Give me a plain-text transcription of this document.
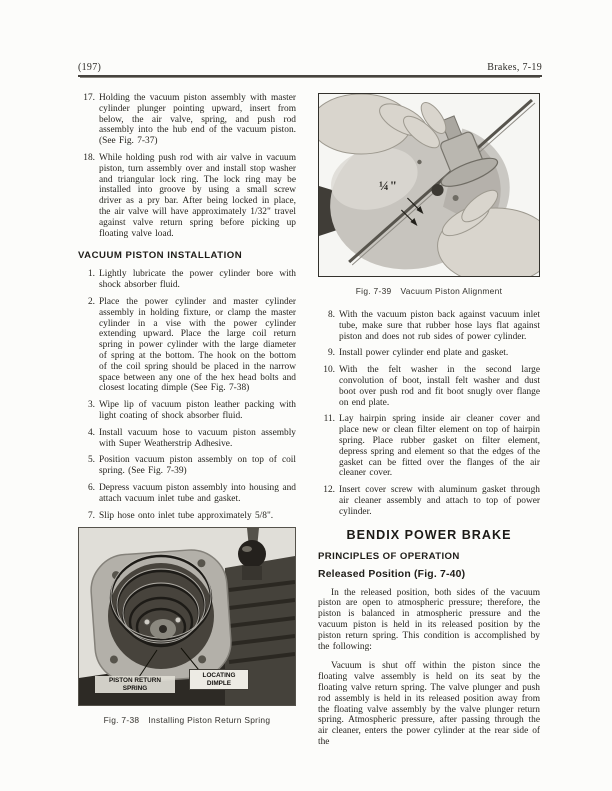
(197)	Brakes, 7-19
17. Holding the vacuum piston assembly with master cylinder plunger pointing upward, insert from below, the air valve, spring, and push rod assembly into the hub end of the vacuum piston. (See Fig. 7-37)
18. While holding push rod with air valve in vacuum piston, turn assembly over and install stop washer and triangular lock ring. The lock ring may be installed into groove by using a small screw driver as a pry bar. After being locked in place, the air valve will have approximately 1/32" travel against valve return spring before picking up floating valve load.
VACUUM PISTON INSTALLATION
1. Lightly lubricate the power cylinder bore with shock absorber fluid.
2. Place the power cylinder and master cylinder assembly in holding fixture, or clamp the master cylinder in a vise with the power cylinder extending upward. Place the large coil return spring in power cylinder with the large diameter of spring at the bottom. The hook on the bottom of the coil spring should be placed in the narrow space between any one of the hex head bolts and closest locating dimple (See Fig. 7-38)
3. Wipe lip of vacuum piston leather packing with light coating of shock absorber fluid.
4. Install vacuum hose to vacuum piston assembly with Super Weatherstrip Adhesive.
5. Position vacuum piston assembly on top of coil spring. (See Fig. 7-39)
6. Depress vacuum piston assembly into housing and attach vacuum inlet tube and gasket.
7. Slip hose onto inlet tube approximately 5/8".
PISTON RETURN SPRING
LOCATING DIMPLE
Fig. 7-38 Installing Piston Return Spring
¼"
Fig. 7-39 Vacuum Piston Alignment
8. With the vacuum piston back against vacuum inlet tube, make sure that rubber hose lays flat against piston and does not rub sides of power cylinder.
9. Install power cylinder end plate and gasket.
10. With the felt washer in the second large convolution of boot, install felt washer and dust boot over push rod and fit boot snugly over flange on end plate.
11. Lay hairpin spring inside air cleaner cover and place new or clean filter element on top of hairpin spring. Place rubber gasket on filter element, depress spring and element so that the edges of the gasket can be fitted over the flanges of the air cleaner cover.
12. Insert cover screw with aluminum gasket through air cleaner assembly and attach to top of power cylinder.
BENDIX POWER BRAKE
PRINCIPLES OF OPERATION
Released Position (Fig. 7-40)

In the released position, both sides of the vacuum piston are open to atmospheric pressure; therefore, the piston is balanced in atmospheric pressure and the vacuum piston is held in its released position by the piston return spring. This condition is accomplished by the following:

Vacuum is shut off within the piston since the floating valve assembly is held on its seat by the floating valve return spring. The valve plunger and push rod assembly is held in its released position away from the floating valve assembly by the valve plunger return spring. Atmospheric pressure, after passing through the air cleaner, enters the power cylinder at the rear side of the
